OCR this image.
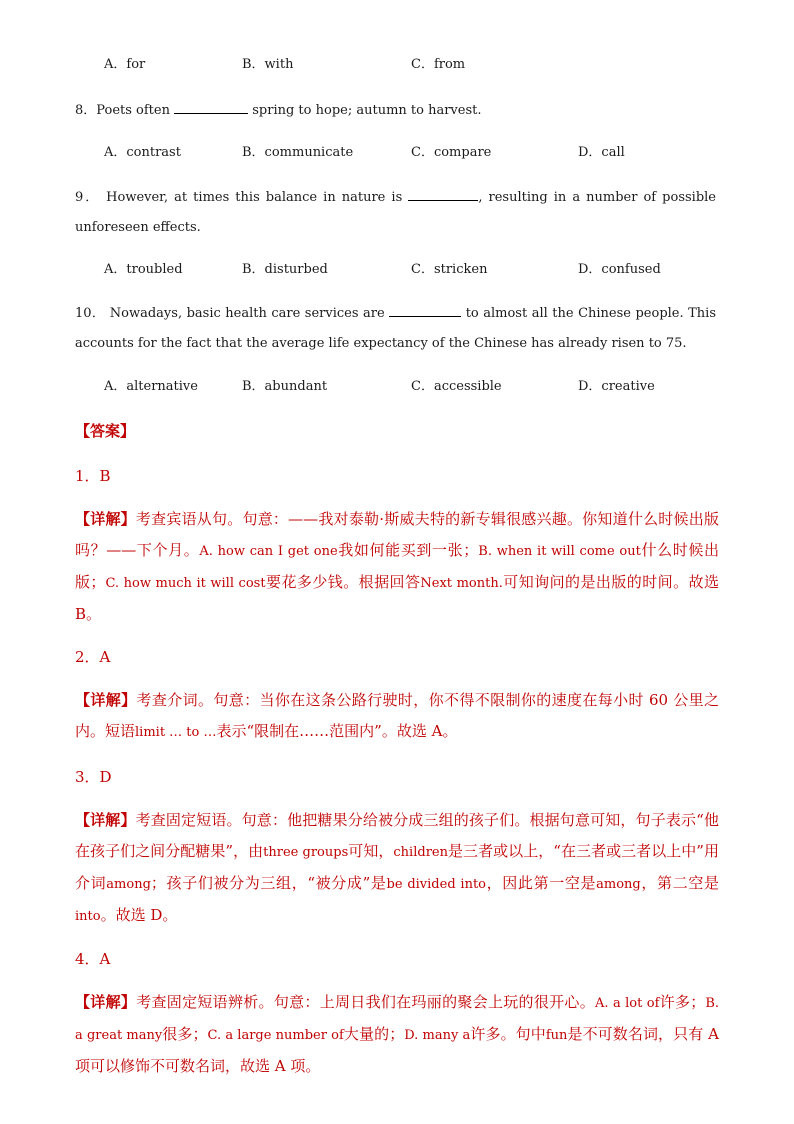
A．for	B．with	C．from
8．Poets often	spring to hope; autumn to harvest.
A．contrast	B．communicate	C．compare	D．call
9． However, at times this balance in nature is	, resulting in a number of possible unforeseen effects.
A．troubled	B．disturbed	C．stricken	D．confused
10． Nowadays, basic health care services are	to almost all the Chinese people. This accounts for the fact that the average life expectancy of the Chinese has already risen to 75.
A．alternative	B．abundant	C．accessible	D．creative
【答案】
1．B
【详解】考查宾语从句。句意：——我对泰勒·斯威夫特的新专辑很感兴趣。你知道什么时候出版吗？——下个月。A. how can I get one我如何能买到一张；B. when it will come out什么时候出版；C. how much it will cost要花多少钱。根据回答Next month.可知询问的是出版的时间。故选 B。
2．A
【详解】考查介词。句意：当你在这条公路行驶时，你不得不限制你的速度在每小时 60 公里之内。短语limit … to …表示“限制在……范围内”。故选 A。
3．D
【详解】考查固定短语。句意：他把糖果分给被分成三组的孩子们。根据句意可知，句子表示“他在孩子们之间分配糖果”，由three groups可知，children是三者或以上，“在三者或三者以上中”用介词among；孩子们被分为三组，“被分成”是be divided into，因此第一空是among，第二空是into。故选 D。
4．A
【详解】考查固定短语辨析。句意：上周日我们在玛丽的聚会上玩的很开心。A. a lot of许多；B. a great many很多；C. a large number of大量的；D. many a许多。句中fun是不可数名词，只有 A 项可以修饰不可数名词，故选 A 项。
